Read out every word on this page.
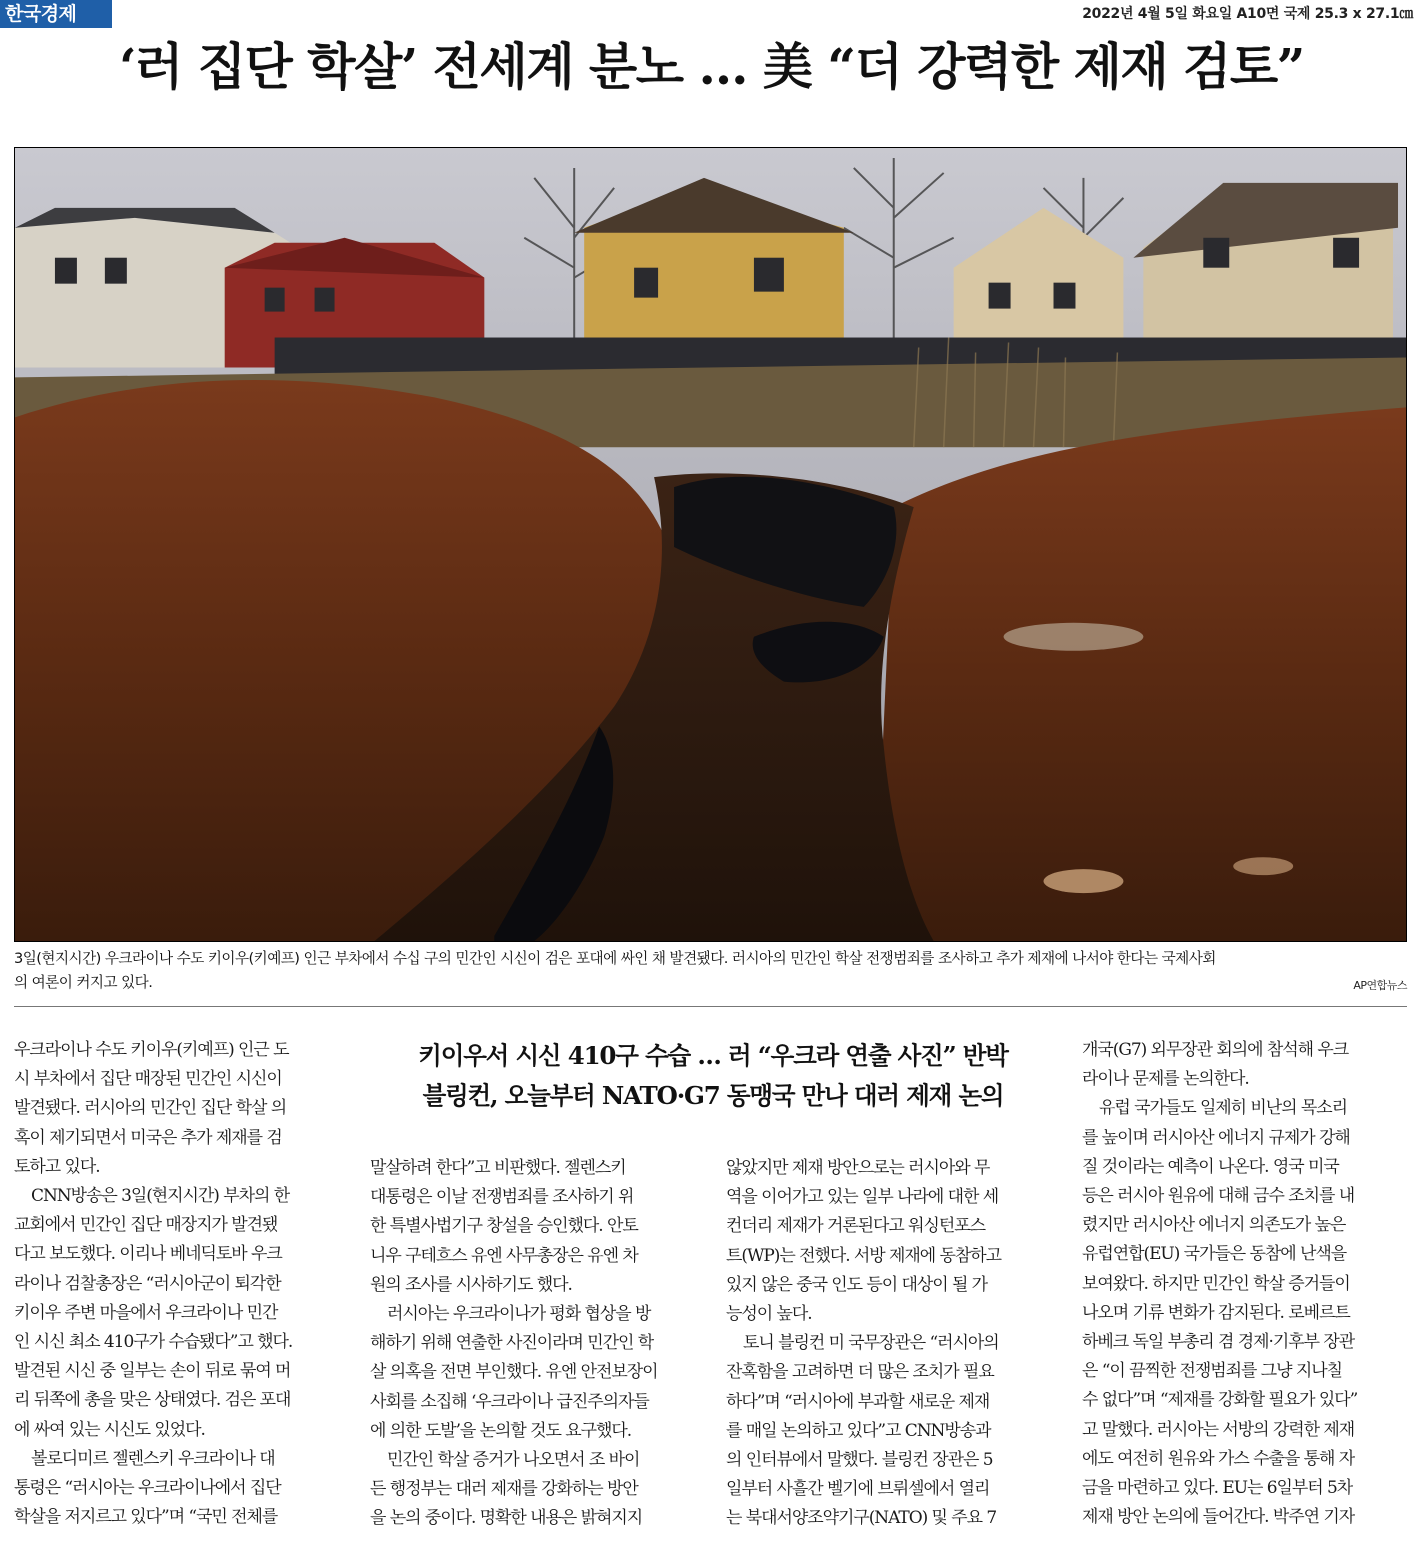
한국경제	2022년 4월 5일 화요일 A10면 국제 25.3 x 27.1㎝
‘러 집단 학살’ 전세계 분노 … 美 “더 강력한 제재 검토”
3일(현지시간) 우크라이나 수도 키이우(키예프) 인근 부차에서 수십 구의 민간인 시신이 검은 포대에 싸인 채 발견됐다. 러시아의 민간인 학살 전쟁범죄를 조사하고 추가 제재에 나서야 한다는 국제사회
의 여론이 커지고 있다.	AP연합뉴스
키이우서 시신 410구 수습 … 러 “우크라 연출 사진” 반박
블링컨, 오늘부터 NATO·G7 동맹국 만나 대러 제재 논의
우크라이나 수도 키이우(키예프) 인근 도
시 부차에서 집단 매장된 민간인 시신이
발견됐다. 러시아의 민간인 집단 학살 의
혹이 제기되면서 미국은 추가 제재를 검
토하고 있다.
CNN방송은 3일(현지시간) 부차의 한
교회에서 민간인 집단 매장지가 발견됐
다고 보도했다. 이리나 베네딕토바 우크
라이나 검찰총장은 “러시아군이 퇴각한
키이우 주변 마을에서 우크라이나 민간
인 시신 최소 410구가 수습됐다”고 했다.
발견된 시신 중 일부는 손이 뒤로 묶여 머
리 뒤쪽에 총을 맞은 상태였다. 검은 포대
에 싸여 있는 시신도 있었다.
볼로디미르 젤렌스키 우크라이나 대
통령은 “러시아는 우크라이나에서 집단
학살을 저지르고 있다”며 “국민 전체를
말살하려 한다”고 비판했다. 젤렌스키
대통령은 이날 전쟁범죄를 조사하기 위
한 특별사법기구 창설을 승인했다. 안토
니우 구테흐스 유엔 사무총장은 유엔 차
원의 조사를 시사하기도 했다.
러시아는 우크라이나가 평화 협상을 방
해하기 위해 연출한 사진이라며 민간인 학
살 의혹을 전면 부인했다. 유엔 안전보장이
사회를 소집해 ‘우크라이나 급진주의자들
에 의한 도발’을 논의할 것도 요구했다.
민간인 학살 증거가 나오면서 조 바이
든 행정부는 대러 제재를 강화하는 방안
을 논의 중이다. 명확한 내용은 밝혀지지
않았지만 제재 방안으로는 러시아와 무
역을 이어가고 있는 일부 나라에 대한 세
컨더리 제재가 거론된다고 워싱턴포스
트(WP)는 전했다. 서방 제재에 동참하고
있지 않은 중국 인도 등이 대상이 될 가
능성이 높다.
토니 블링컨 미 국무장관은 “러시아의
잔혹함을 고려하면 더 많은 조치가 필요
하다”며 “러시아에 부과할 새로운 제재
를 매일 논의하고 있다”고 CNN방송과
의 인터뷰에서 말했다. 블링컨 장관은 5
일부터 사흘간 벨기에 브뤼셀에서 열리
는 북대서양조약기구(NATO) 및 주요 7
개국(G7) 외무장관 회의에 참석해 우크
라이나 문제를 논의한다.
유럽 국가들도 일제히 비난의 목소리
를 높이며 러시아산 에너지 규제가 강해
질 것이라는 예측이 나온다. 영국 미국
등은 러시아 원유에 대해 금수 조치를 내
렸지만 러시아산 에너지 의존도가 높은
유럽연합(EU) 국가들은 동참에 난색을
보여왔다. 하지만 민간인 학살 증거들이
나오며 기류 변화가 감지된다. 로베르트
하베크 독일 부총리 겸 경제·기후부 장관
은 “이 끔찍한 전쟁범죄를 그냥 지나칠
수 없다”며 “제재를 강화할 필요가 있다”
고 말했다. 러시아는 서방의 강력한 제재
에도 여전히 원유와 가스 수출을 통해 자
금을 마련하고 있다. EU는 6일부터 5차
제재 방안 논의에 들어간다. 박주연 기자
